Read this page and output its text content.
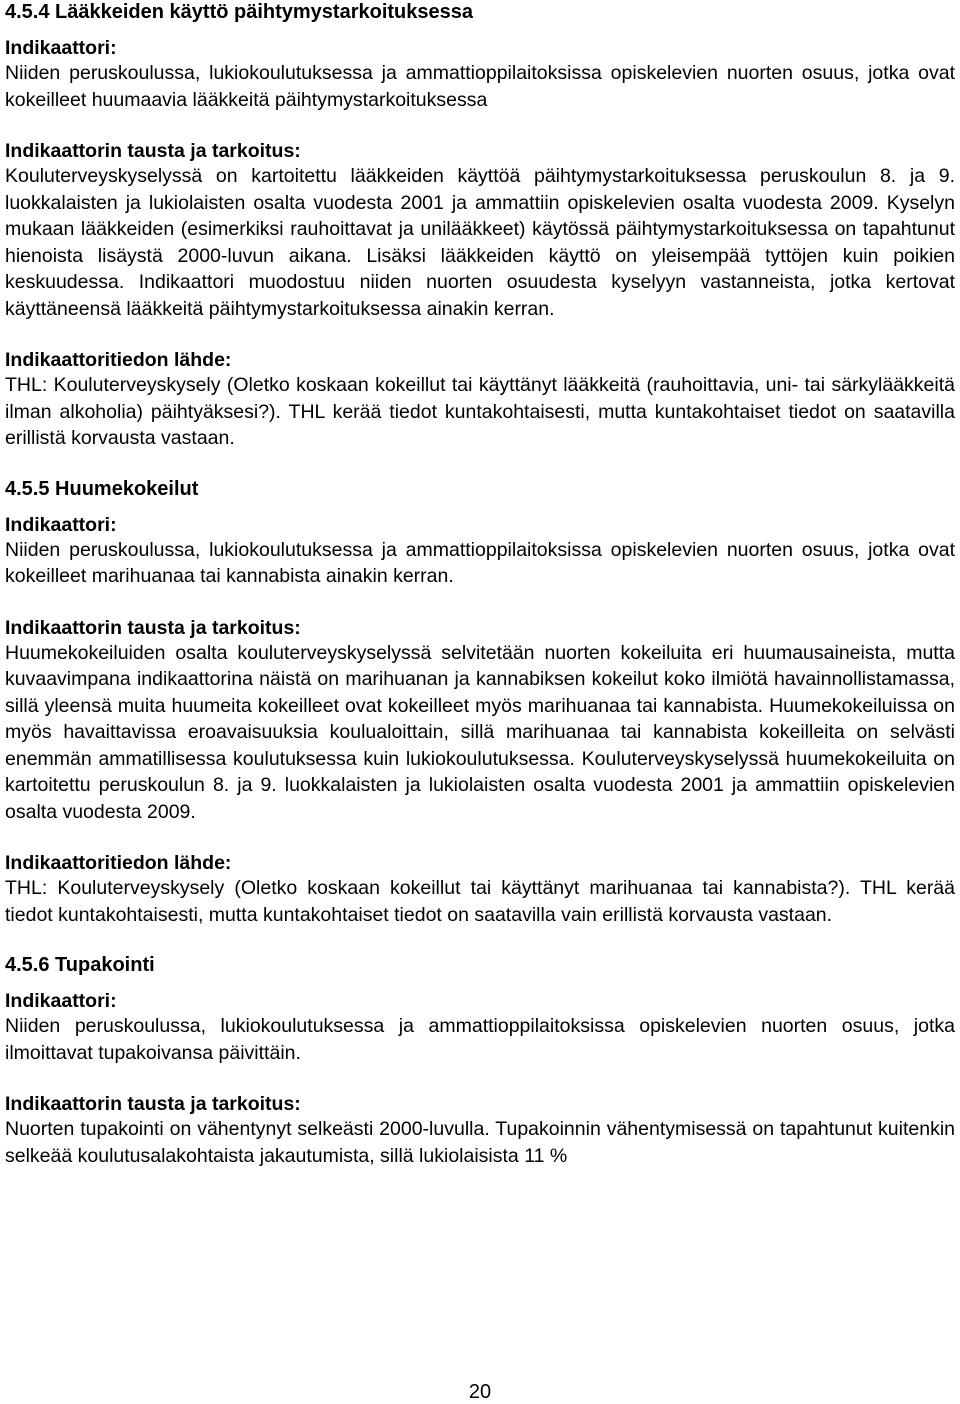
4.5.4 Lääkkeiden käyttö päihtymystarkoituksessa
Indikaattori:

Niiden peruskoulussa, lukiokoulutuksessa ja ammattioppilaitoksissa opiskelevien nuorten osuus, jotka ovat kokeilleet huumaavia lääkkeitä päihtymystarkoituksessa

Indikaattorin tausta ja tarkoitus:

Kouluterveyskyselyssä on kartoitettu lääkkeiden käyttöä päihtymystarkoituksessa peruskoulun 8. ja 9. luokkalaisten ja lukiolaisten osalta vuodesta 2001 ja ammattiin opiskelevien osalta vuodesta 2009. Kyselyn mukaan lääkkeiden (esimerkiksi rauhoittavat ja unilääkkeet) käytössä päihtymystarkoituksessa on tapahtunut hienoista lisäystä 2000-luvun aikana. Lisäksi lääkkeiden käyttö on yleisempää tyttöjen kuin poikien keskuudessa. Indikaattori muodostuu niiden nuorten osuudesta kyselyyn vastanneista, jotka kertovat käyttäneensä lääkkeitä päihtymystarkoituksessa ainakin kerran.

Indikaattoritiedon lähde:

THL: Kouluterveyskysely (Oletko koskaan kokeillut tai käyttänyt lääkkeitä (rauhoittavia, uni- tai särkylääkkeitä ilman alkoholia) päihtyäksesi?). THL kerää tiedot kuntakohtaisesti, mutta kuntakohtaiset tiedot on saatavilla erillistä korvausta vastaan.

4.5.5 Huumekokeilut
Indikaattori:

Niiden peruskoulussa, lukiokoulutuksessa ja ammattioppilaitoksissa opiskelevien nuorten osuus, jotka ovat kokeilleet marihuanaa tai kannabista ainakin kerran.

Indikaattorin tausta ja tarkoitus:

Huumekokeiluiden osalta kouluterveyskyselyssä selvitetään nuorten kokeiluita eri huumausaineista, mutta kuvaavimpana indikaattorina näistä on marihuanan ja kannabiksen kokeilut koko ilmiötä havainnollistamassa, sillä yleensä muita huumeita kokeilleet ovat kokeilleet myös marihuanaa tai kannabista. Huumekokeiluissa on myös havaittavissa eroavaisuuksia koulualoittain, sillä marihuanaa tai kannabista kokeilleita on selvästi enemmän ammatillisessa koulutuksessa kuin lukiokoulutuksessa. Kouluterveyskyselyssä huumekokeiluita on kartoitettu peruskoulun 8. ja 9. luokkalaisten ja lukiolaisten osalta vuodesta 2001 ja ammattiin opiskelevien osalta vuodesta 2009.

Indikaattoritiedon lähde:

THL: Kouluterveyskysely (Oletko koskaan kokeillut tai käyttänyt marihuanaa tai kannabista?). THL kerää tiedot kuntakohtaisesti, mutta kuntakohtaiset tiedot on saatavilla vain erillistä korvausta vastaan.

4.5.6 Tupakointi
Indikaattori:

Niiden peruskoulussa, lukiokoulutuksessa ja ammattioppilaitoksissa opiskelevien nuorten osuus, jotka ilmoittavat tupakoivansa päivittäin.

Indikaattorin tausta ja tarkoitus:

Nuorten tupakointi on vähentynyt selkeästi 2000-luvulla. Tupakoinnin vähentymisessä on tapahtunut kuitenkin selkeää koulutusalakohtaista jakautumista, sillä lukiolaisista 11 %

20
